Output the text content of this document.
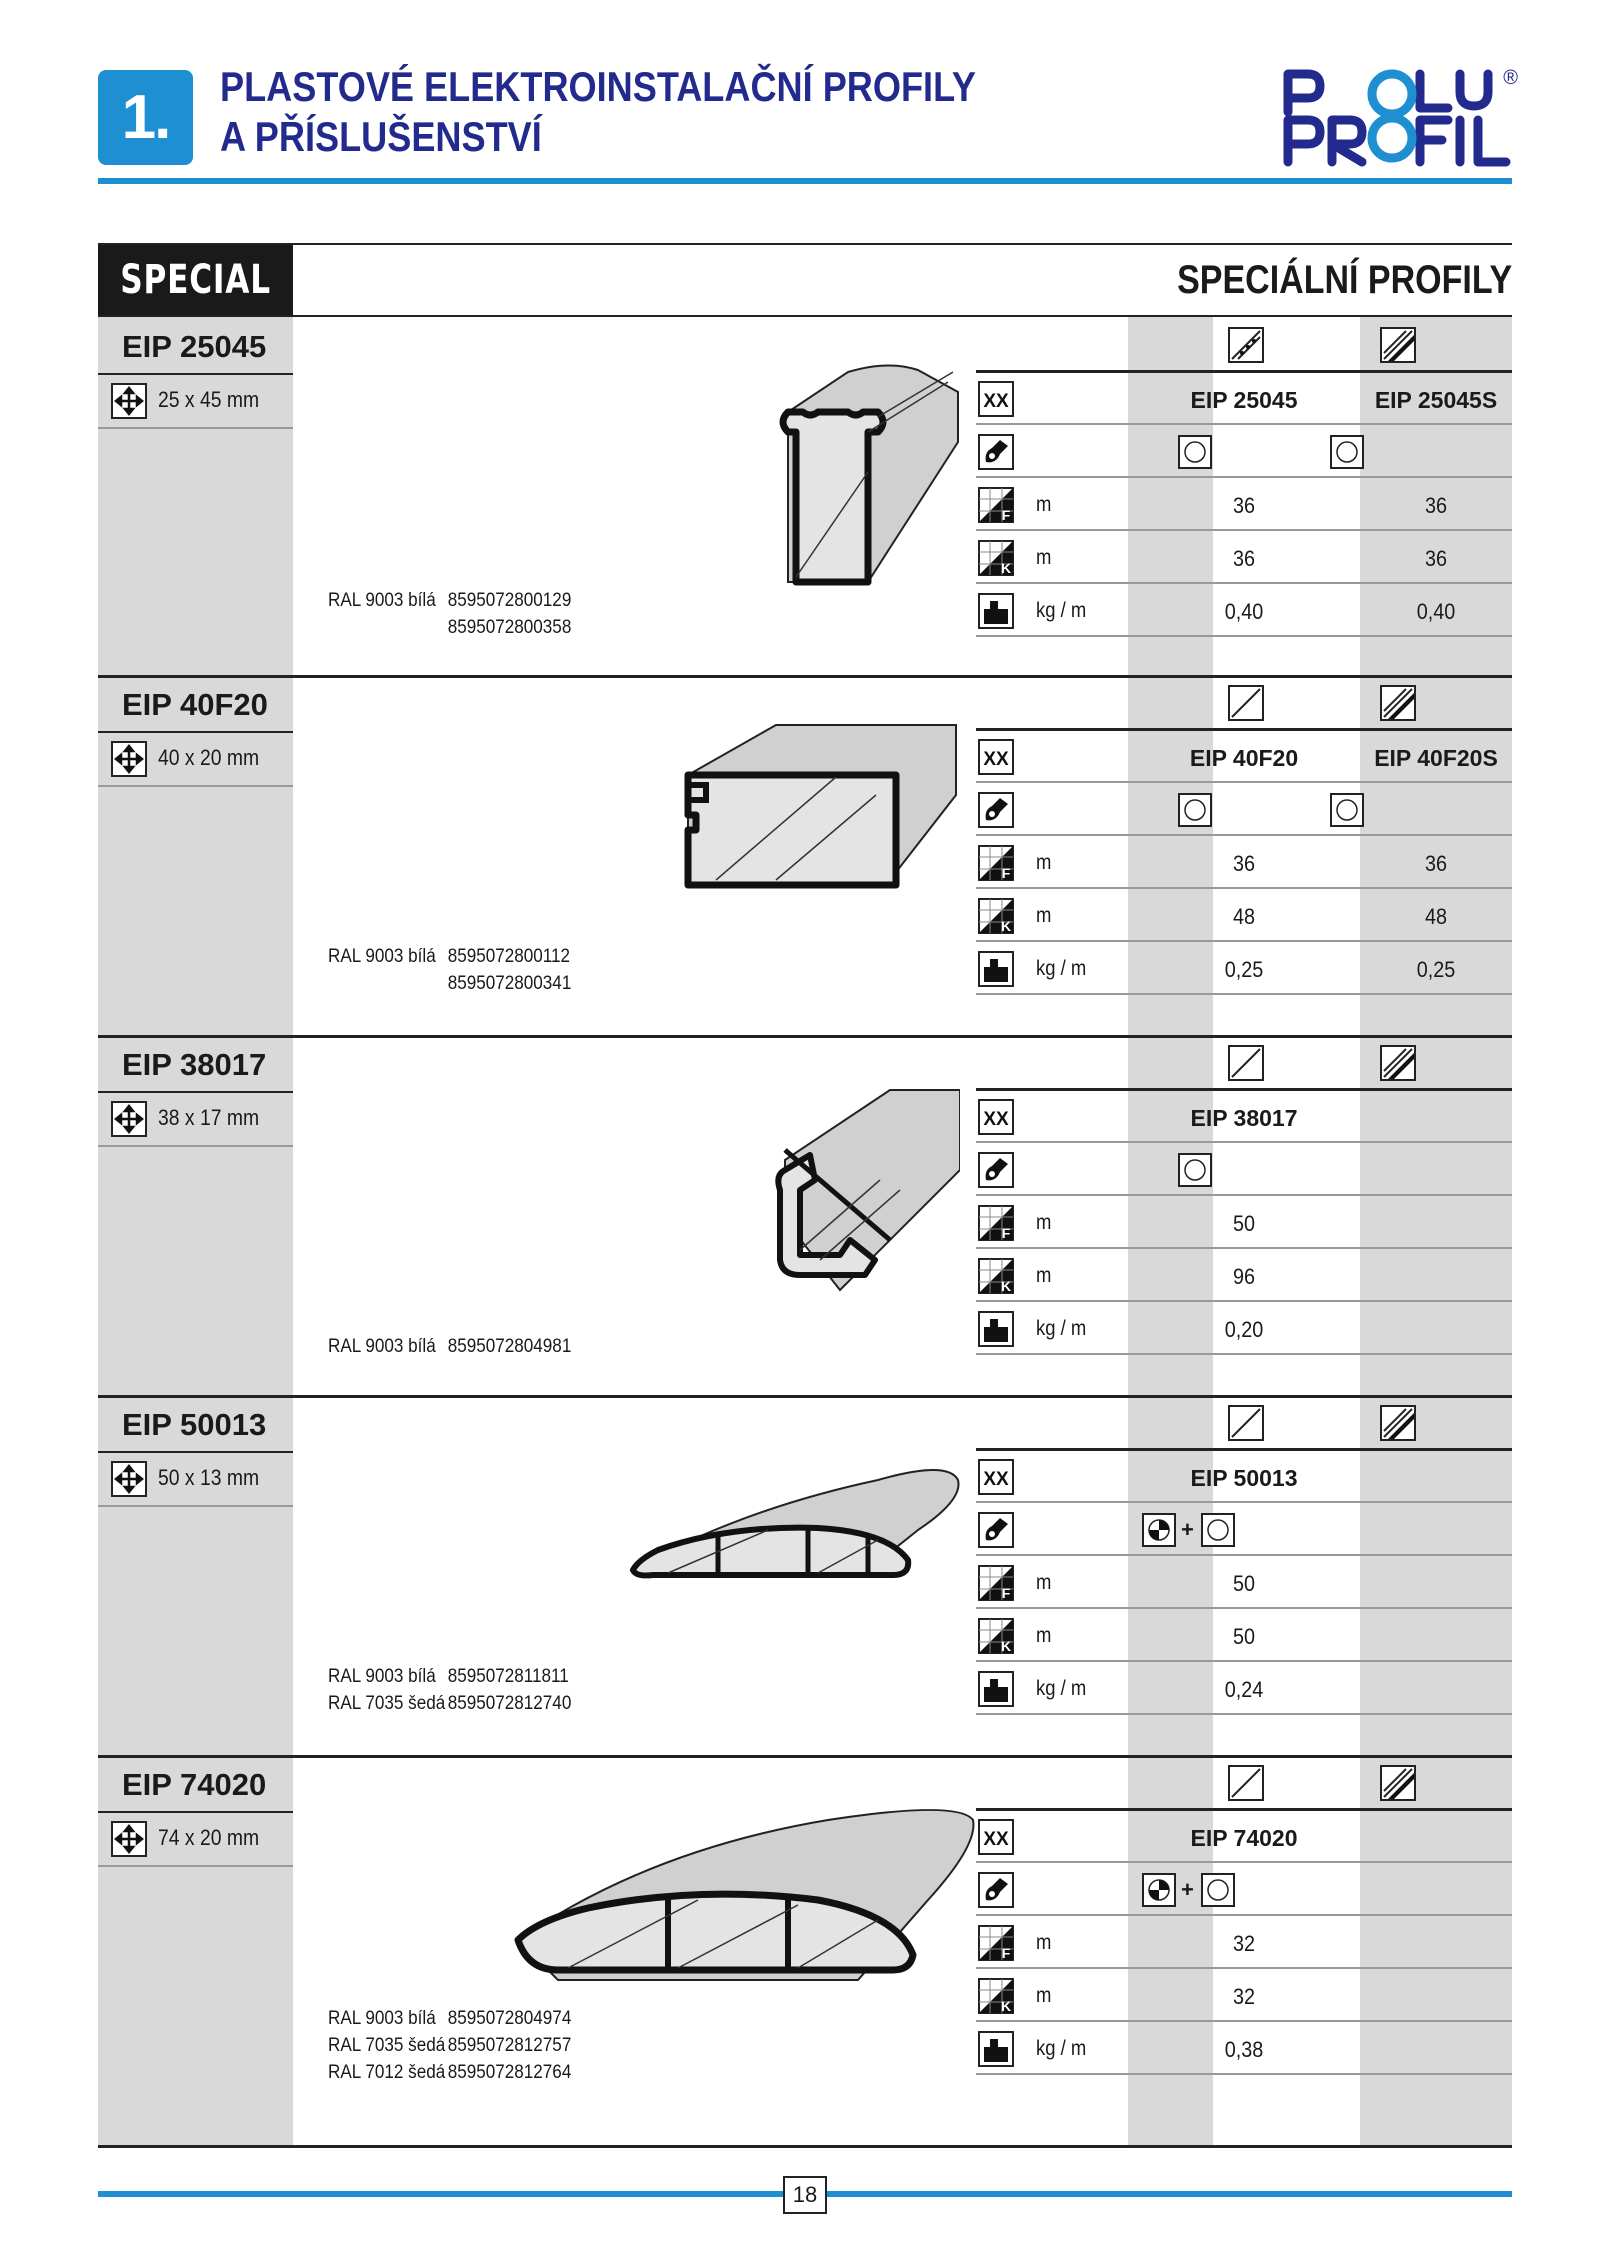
1. PLASTOVÉ ELEKTROINSTALAČNÍ PROFILY
A PŘÍSLUŠENSTVÍ
®
SPECIAL	SPECIÁLNÍ PROFILY
EIP 25045
25 x 45 mm
RAL 9003 bílá 8595072800129
8595072800358
XX	EIP 25045	EIP 25045S
F m	36	36
K m	36	36
kg / m	0,40	0,40
EIP 40F20
40 x 20 mm
RAL 9003 bílá 8595072800112
8595072800341
XX	EIP 40F20	EIP 40F20S
F m	36	36
K m	48	48
kg / m	0,25	0,25
EIP 38017
38 x 17 mm
RAL 9003 bílá 8595072804981
XX	EIP 38017
F m	50
K m	96
kg / m	0,20
EIP 50013
50 x 13 mm
RAL 9003 bílá 8595072811811
RAL 7035 šedá 8595072812740
XX	EIP 50013
+
F m	50
K m	50
kg / m	0,24
EIP 74020
74 x 20 mm
RAL 9003 bílá 8595072804974
RAL 7035 šedá 8595072812757
RAL 7012 šedá 8595072812764
XX	EIP 74020
+
F m	32
K m	32
kg / m	0,38
18
